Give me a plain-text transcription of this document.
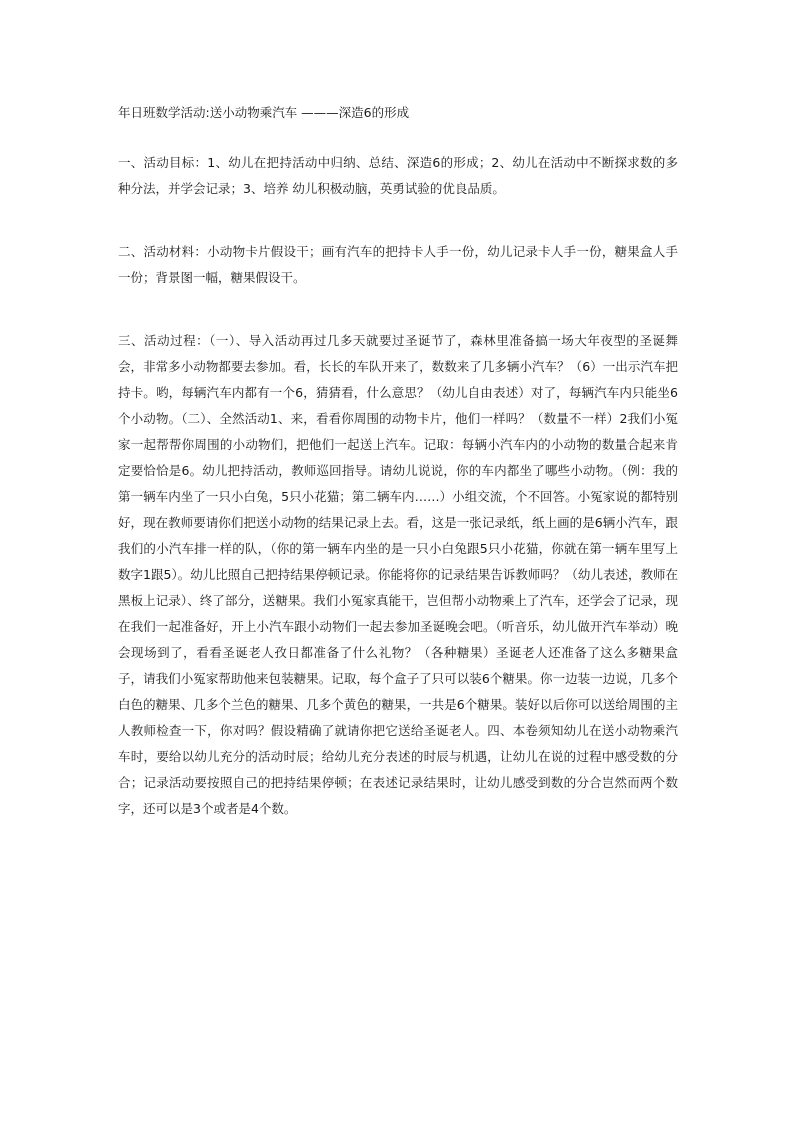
年日班数学活动:送小动物乘汽车 ———深造6的形成

一、活动目标：1、幼儿在把持活动中归纳、总结、深造6的形成；2、幼儿在活动中不断探求数的多种分法，并学会记录；3、培养 幼儿积极动脑，英勇试验的优良品质。

二、活动材料：小动物卡片假设干；画有汽车的把持卡人手一份，幼儿记录卡人手一份，糖果盒人手一份；背景图一幅，糖果假设干。

三、活动过程：（一）、导入活动再过几多天就要过圣诞节了，森林里准备搞一场大年夜型的圣诞舞会，非常多小动物都要去参加。看，长长的车队开来了，数数来了几多辆小汽车？（6）一出示汽车把持卡。哟，每辆汽车内都有一个6，猜猜看，什么意思？（幼儿自由表述）对了，每辆汽车内只能坐6个小动物。（二）、全然活动1、来，看看你周围的动物卡片，他们一样吗？（数量不一样）2我们小冤家一起帮帮你周围的小动物们，把他们一起送上汽车。记取：每辆小汽车内的小动物的数量合起来肯定要恰恰是6。幼儿把持活动，教师巡回指导。请幼儿说说，你的车内都坐了哪些小动物。（例：我的第一辆车内坐了一只小白兔，5只小花猫；第二辆车内……）小组交流，个不回答。小冤家说的都特别好，现在教师要请你们把送小动物的结果记录上去。看，这是一张记录纸，纸上画的是6辆小汽车，跟我们的小汽车排一样的队，（你的第一辆车内坐的是一只小白兔跟5只小花猫，你就在第一辆车里写上数字1跟5）。幼儿比照自己把持结果停顿记录。你能将你的记录结果告诉教师吗？（幼儿表述，教师在黑板上记录）、终了部分，送糖果。我们小冤家真能干，岂但帮小动物乘上了汽车，还学会了记录，现在我们一起准备好，开上小汽车跟小动物们一起去参加圣诞晚会吧。（听音乐，幼儿做开汽车举动）晚会现场到了，看看圣诞老人孜日都准备了什么礼物？（各种糖果）圣诞老人还准备了这么多糖果盒子，请我们小冤家帮助他来包装糖果。记取，每个盒子了只可以装6个糖果。你一边装一边说，几多个白色的糖果、几多个兰色的糖果、几多个黄色的糖果，一共是6个糖果。装好以后你可以送给周围的主人教师检查一下，你对吗？假设精确了就请你把它送给圣诞老人。四、本卷须知幼儿在送小动物乘汽车时，要给以幼儿充分的活动时辰；给幼儿充分表述的时辰与机遇，让幼儿在说的过程中感受数的分合；记录活动要按照自己的把持结果停顿；在表述记录结果时，让幼儿感受到数的分合岂然而两个数字，还可以是3个或者是4个数。
